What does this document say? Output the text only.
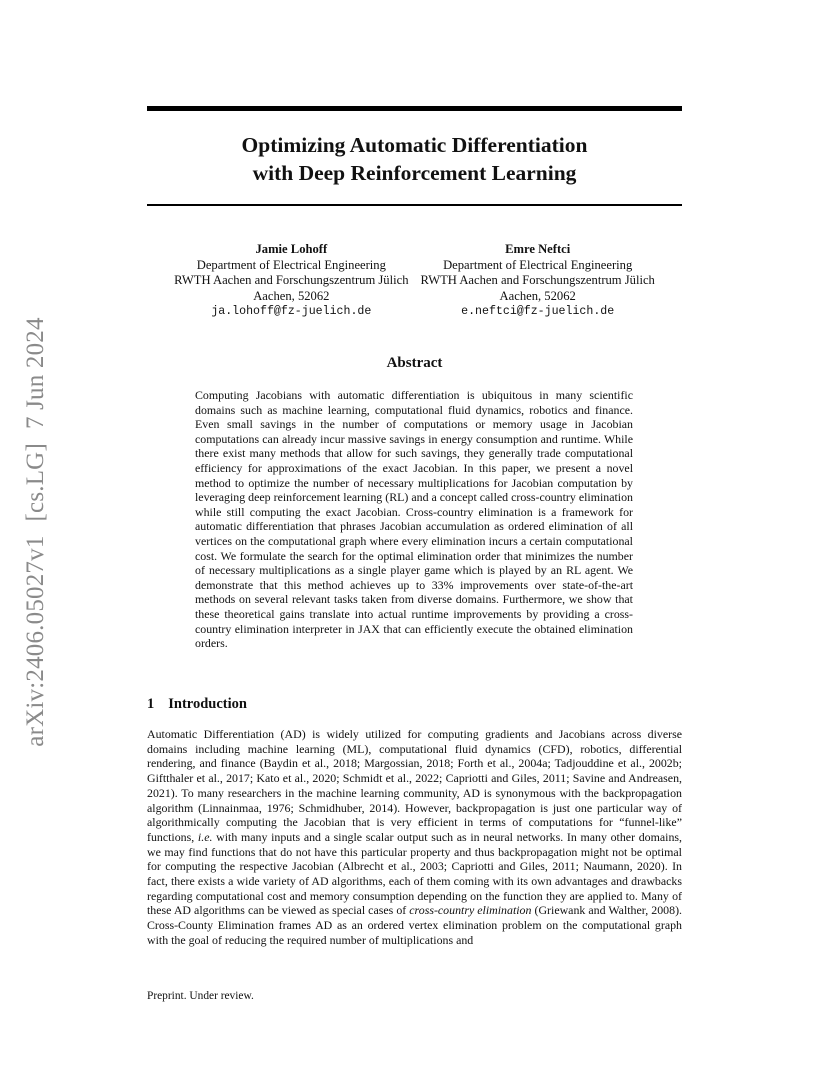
arXiv:2406.05027v1[cs.LG]7 Jun 2024
Optimizing Automatic Differentiation
with Deep Reinforcement Learning
Jamie Lohoff
Department of Electrical Engineering
RWTH Aachen and Forschungszentrum Jülich
Aachen, 52062
ja.lohoff@fz-juelich.de
Emre Neftci
Department of Electrical Engineering
RWTH Aachen and Forschungszentrum Jülich
Aachen, 52062
e.neftci@fz-juelich.de
Abstract
Computing Jacobians with automatic differentiation is ubiquitous in many scientific domains such as machine learning, computational fluid dynamics, robotics and finance. Even small savings in the number of computations or memory usage in Jacobian computations can already incur massive savings in energy consumption and runtime. While there exist many methods that allow for such savings, they generally trade computational efficiency for approximations of the exact Jacobian. In this paper, we present a novel method to optimize the number of necessary multiplications for Jacobian computation by leveraging deep reinforcement learning (RL) and a concept called cross-country elimination while still computing the exact Jacobian. Cross-country elimination is a framework for automatic differentiation that phrases Jacobian accumulation as ordered elimination of all vertices on the computational graph where every elimination incurs a certain computational cost. We formulate the search for the optimal elimination order that minimizes the number of necessary multiplications as a single player game which is played by an RL agent. We demonstrate that this method achieves up to 33% improvements over state-of-the-art methods on several relevant tasks taken from diverse domains. Furthermore, we show that these theoretical gains translate into actual runtime improvements by providing a cross-country elimination interpreter in JAX that can efficiently execute the obtained elimination orders.
1 Introduction
Automatic Differentiation (AD) is widely utilized for computing gradients and Jacobians across diverse domains including machine learning (ML), computational fluid dynamics (CFD), robotics, differential rendering, and finance (Baydin et al., 2018; Margossian, 2018; Forth et al., 2004a; Tadjouddine et al., 2002b; Giftthaler et al., 2017; Kato et al., 2020; Schmidt et al., 2022; Capriotti and Giles, 2011; Savine and Andreasen, 2021). To many researchers in the machine learning community, AD is synonymous with the backpropagation algorithm (Linnainmaa, 1976; Schmidhuber, 2014). However, backpropagation is just one particular way of algorithmically computing the Jacobian that is very efficient in terms of computations for “funnel-like” functions, i.e. with many inputs and a single scalar output such as in neural networks. In many other domains, we may find functions that do not have this particular property and thus backpropagation might not be optimal for computing the respective Jacobian (Albrecht et al., 2003; Capriotti and Giles, 2011; Naumann, 2020). In fact, there exists a wide variety of AD algorithms, each of them coming with its own advantages and drawbacks regarding computational cost and memory consumption depending on the function they are applied to. Many of these AD algorithms can be viewed as special cases of cross-country elimination (Griewank and Walther, 2008). Cross-County Elimination frames AD as an ordered vertex elimination problem on the computational graph with the goal of reducing the required number of multiplications and
Preprint. Under review.
